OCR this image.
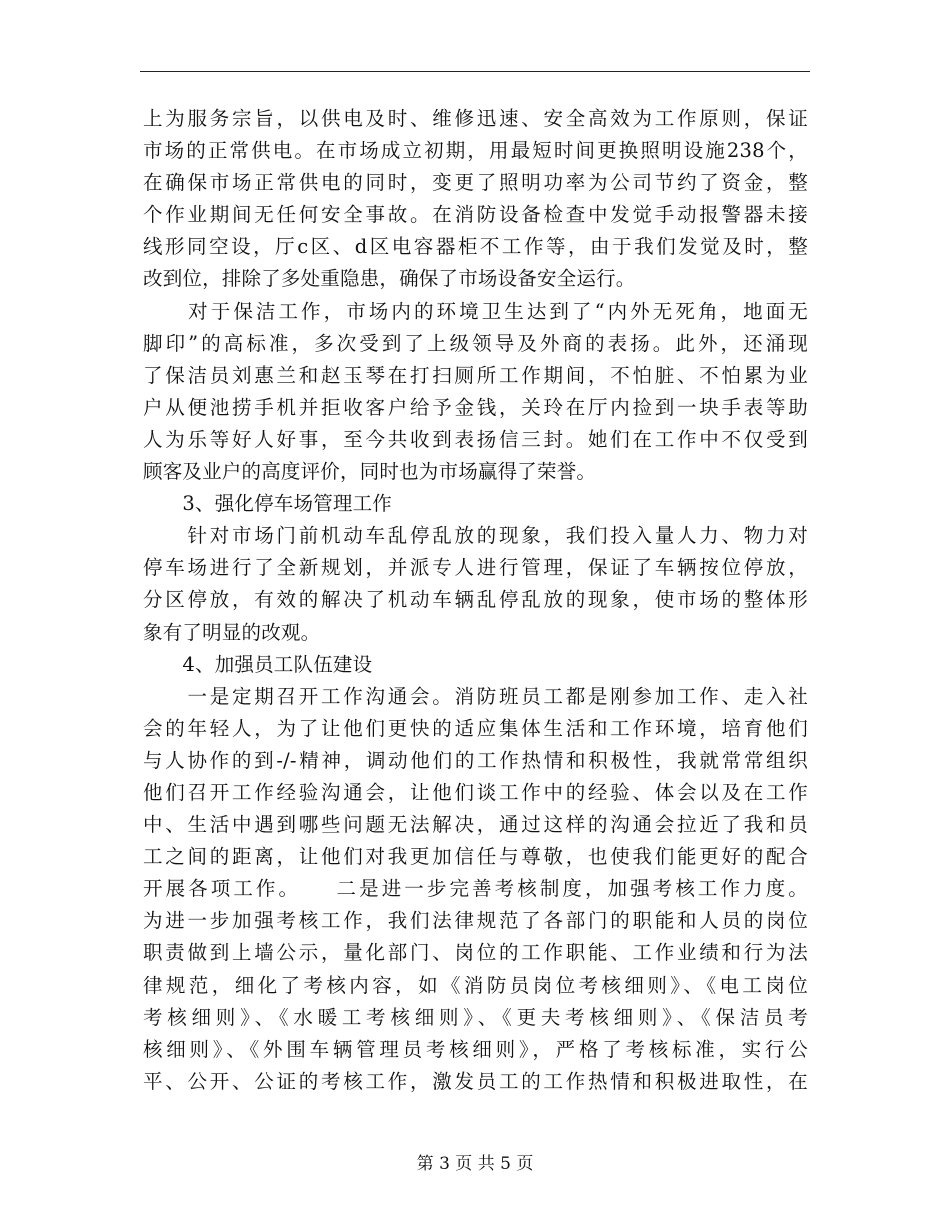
上为服务宗旨，以供电及时、维修迅速、安全高效为工作原则，保证
市场的正常供电。在市场成立初期，用最短时间更换照明设施238个，
在确保市场正常供电的同时，变更了照明功率为公司节约了资金，整
个作业期间无任何安全事故。在消防设备检查中发觉手动报警器未接
线形同空设，厅c区、d区电容器柜不工作等，由于我们发觉及时，整
改到位，排除了多处重隐患，确保了市场设备安全运行。
　　对于保洁工作，市场内的环境卫生达到了“内外无死角，地面无
脚印”的高标准，多次受到了上级领导及外商的表扬。此外，还涌现
了保洁员刘惠兰和赵玉琴在打扫厕所工作期间，不怕脏、不怕累为业
户从便池捞手机并拒收客户给予金钱，关玲在厅内捡到一块手表等助
人为乐等好人好事，至今共收到表扬信三封。她们在工作中不仅受到
顾客及业户的高度评价，同时也为市场赢得了荣誉。
　　3、强化停车场管理工作
　　针对市场门前机动车乱停乱放的现象，我们投入量人力、物力对
停车场进行了全新规划，并派专人进行管理，保证了车辆按位停放，
分区停放，有效的解决了机动车辆乱停乱放的现象，使市场的整体形
象有了明显的改观。
　　4、加强员工队伍建设
　　一是定期召开工作沟通会。消防班员工都是刚参加工作、走入社
会的年轻人，为了让他们更快的适应集体生活和工作环境，培育他们
与人协作的到-/-精神，调动他们的工作热情和积极性，我就常常组织
他们召开工作经验沟通会，让他们谈工作中的经验、体会以及在工作
中、生活中遇到哪些问题无法解决，通过这样的沟通会拉近了我和员
工之间的距离，让他们对我更加信任与尊敬，也使我们能更好的配合
开展各项工作。　　二是进一步完善考核制度，加强考核工作力度。
为进一步加强考核工作，我们法律规范了各部门的职能和人员的岗位
职责做到上墙公示，量化部门、岗位的工作职能、工作业绩和行为法
律规范，细化了考核内容，如《消防员岗位考核细则》、《电工岗位
考核细则》、《水暖工考核细则》、《更夫考核细则》、《保洁员考
核细则》、《外围车辆管理员考核细则》，严格了考核标准，实行公
平、公开、公证的考核工作，激发员工的工作热情和积极进取性，在
第 3 页 共 5 页
